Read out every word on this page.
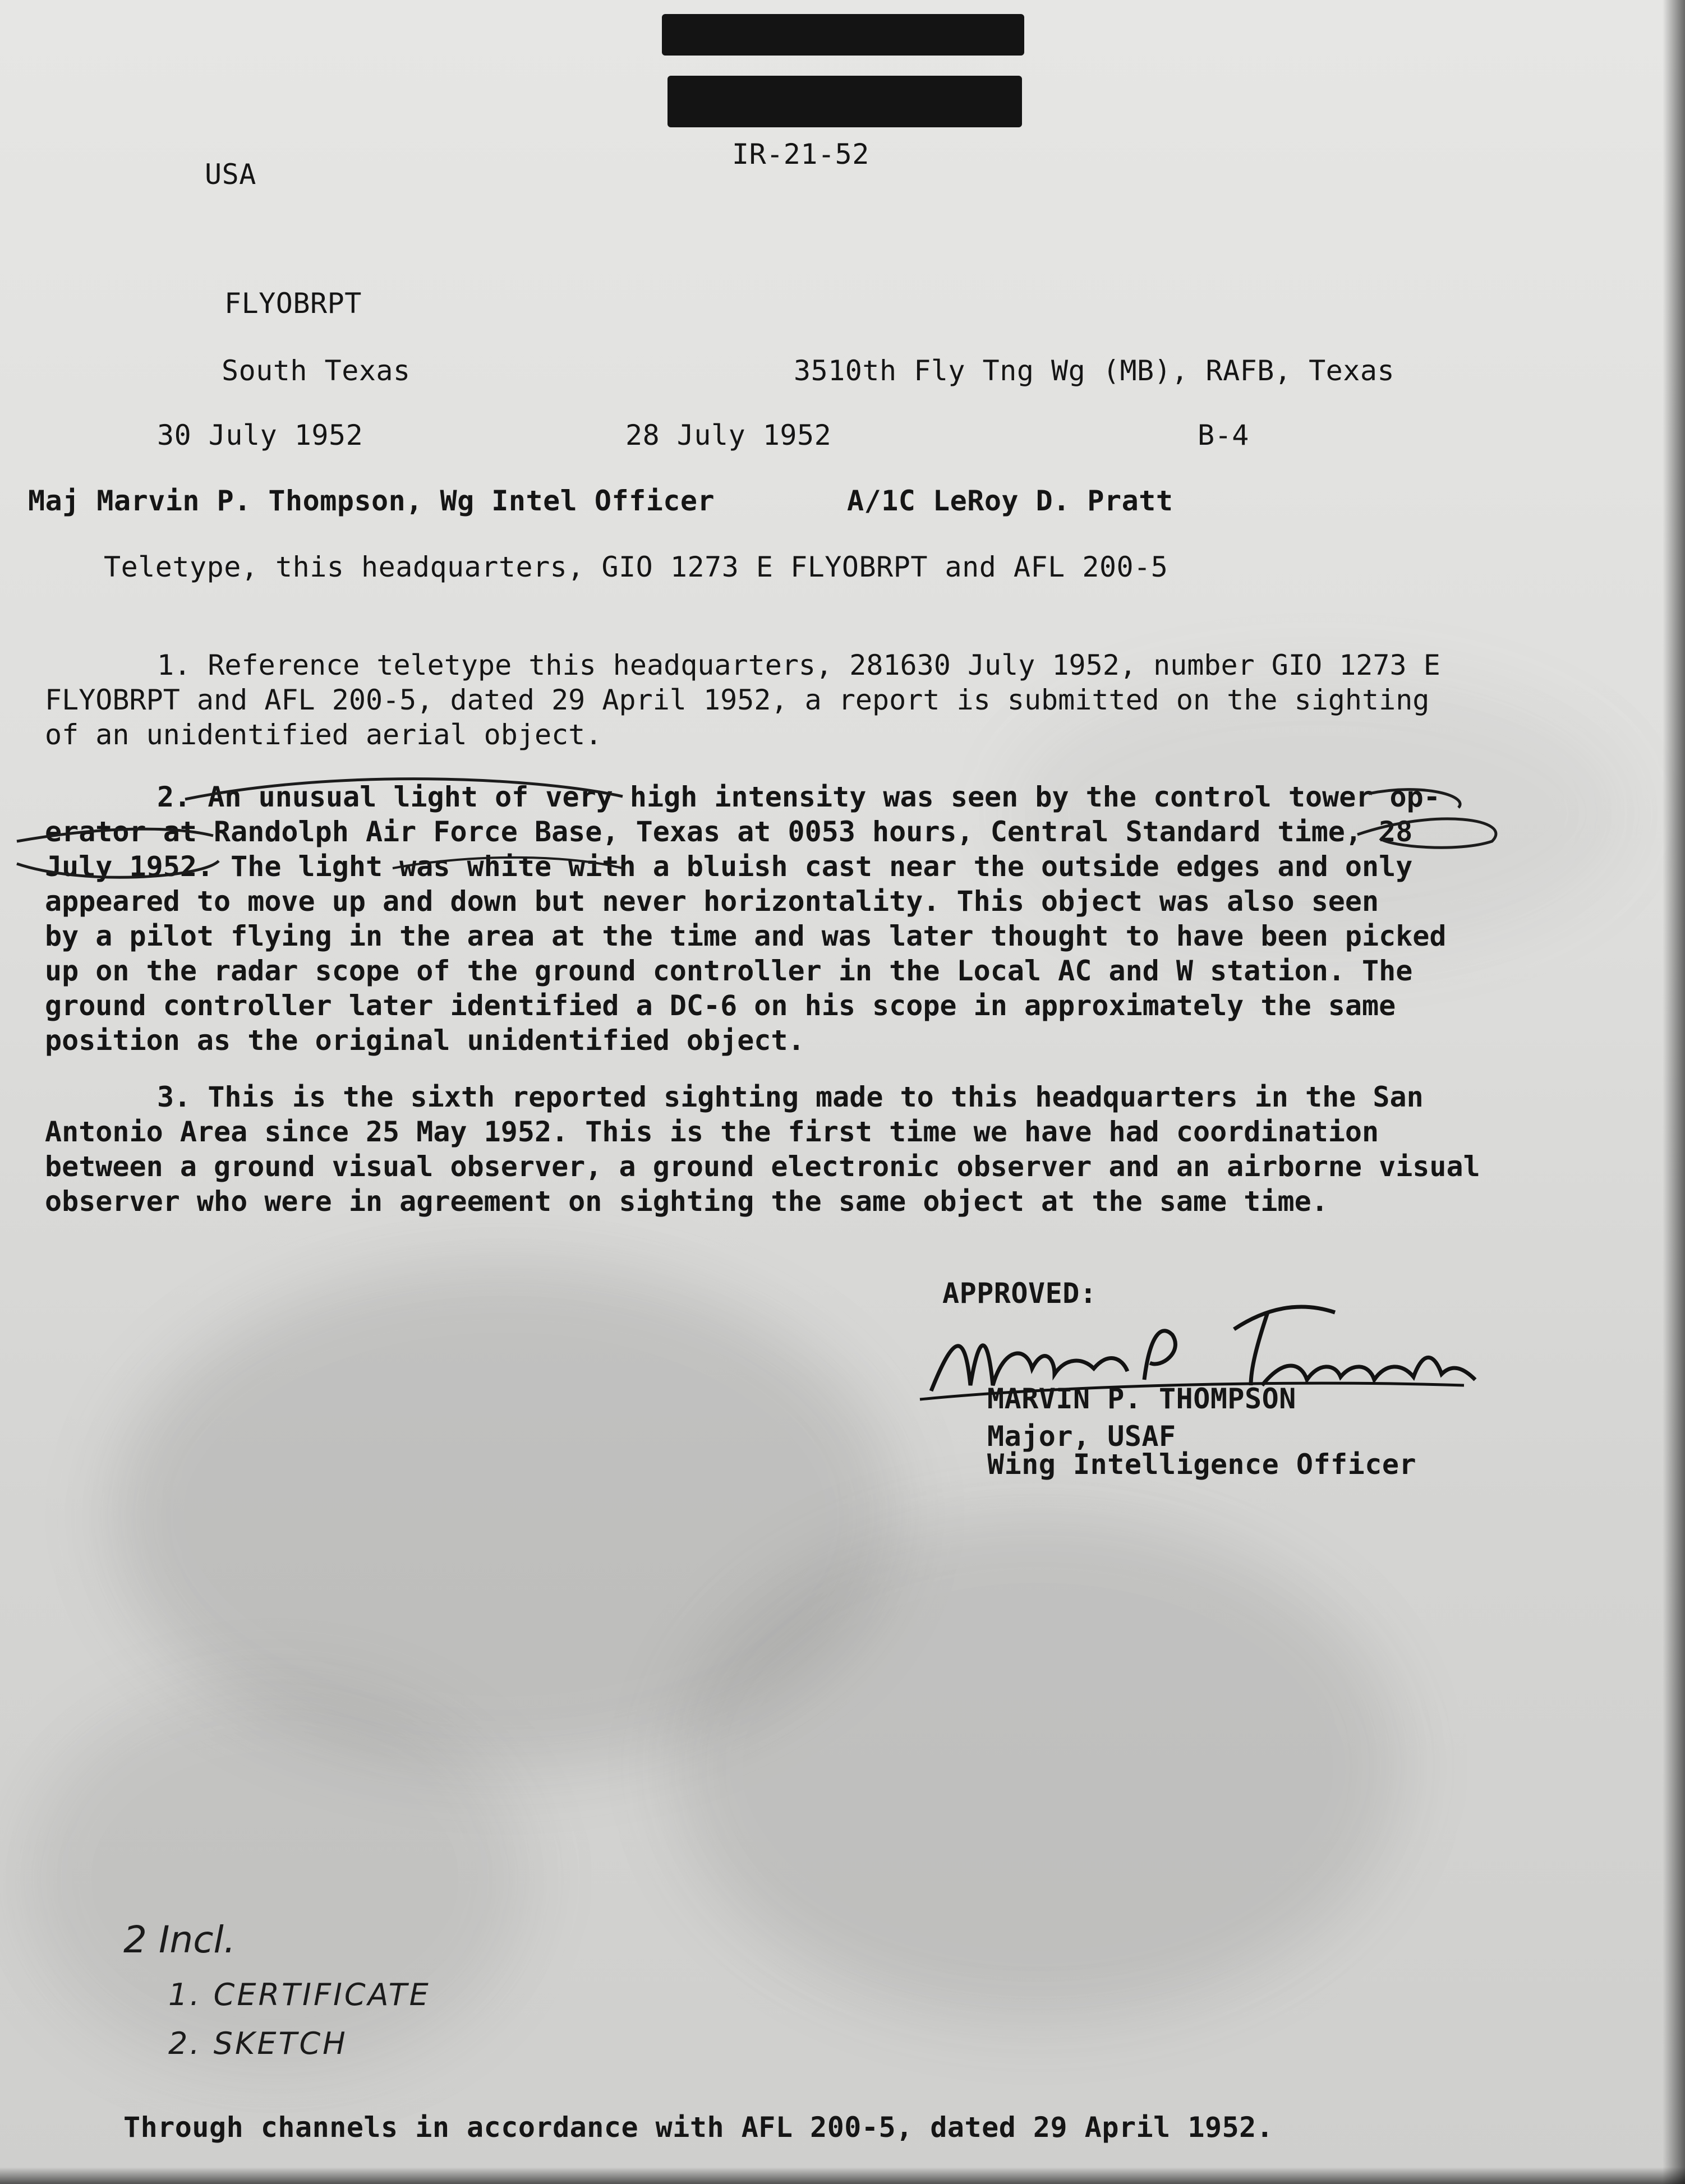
IR-21-52
USA
FLYOBRPT
South Texas	3510th Fly Tng Wg (MB), RAFB, Texas
30 July 1952	28 July 1952	B-4
Maj Marvin P. Thompson, Wg Intel Officer	A/1C LeRoy D. Pratt
Teletype, this headquarters, GIO 1273 E FLYOBRPT and AFL 200-5
1. Reference teletype this headquarters, 281630 July 1952, number GIO 1273 E
FLYOBRPT and AFL 200-5, dated 29 April 1952, a report is submitted on the sighting
of an unidentified aerial object.
2. An unusual light of very high intensity was seen by the control tower op-
erator at Randolph Air Force Base, Texas at 0053 hours, Central Standard time, 28
July 1952. The light was white with a bluish cast near the outside edges and only
appeared to move up and down but never horizontality. This object was also seen
by a pilot flying in the area at the time and was later thought to have been picked
up on the radar scope of the ground controller in the Local AC and W station. The
ground controller later identified a DC-6 on his scope in approximately the same
position as the original unidentified object.
3. This is the sixth reported sighting made to this headquarters in the San
Antonio Area since 25 May 1952. This is the first time we have had coordination
between a ground visual observer, a ground electronic observer and an airborne visual
observer who were in agreement on sighting the same object at the same time.
APPROVED:
MARVIN P. THOMPSON
Major, USAF
Wing Intelligence Officer
2 Incl.
1. CERTIFICATE
2. SKETCH
Through channels in accordance with AFL 200-5, dated 29 April 1952.
